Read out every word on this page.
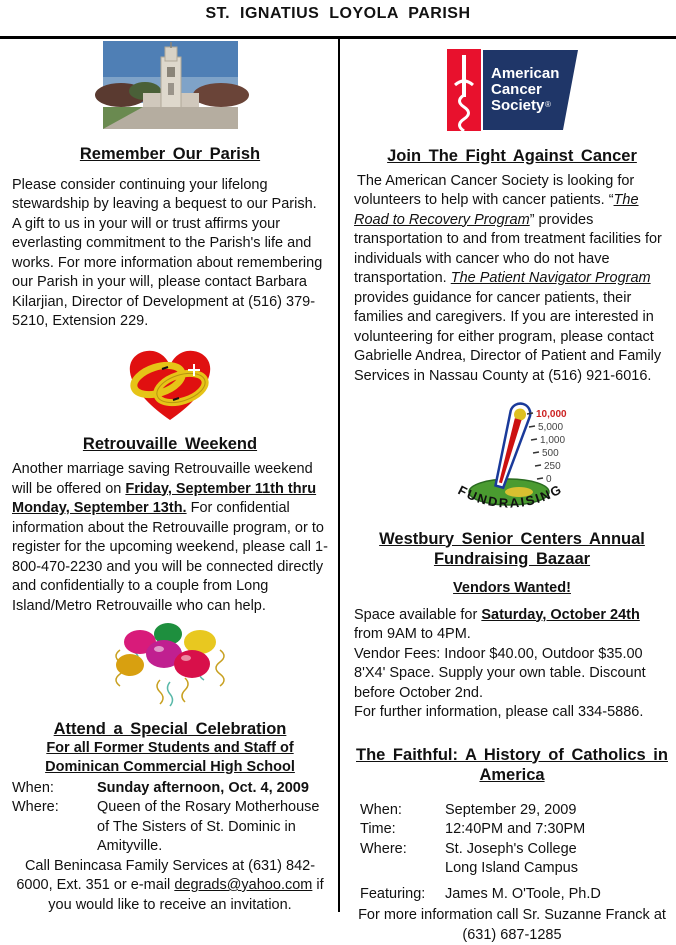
ST. IGNATIUS LOYOLA PARISH
Remember Our Parish

Please consider continuing your lifelong stewardship by leaving a bequest to our Parish. A gift to us in your will or trust affirms your everlasting commitment to the Parish's life and works. For more information about remembering our Parish in your will, please contact Barbara Kilarjian, Director of Development at (516) 379-5210, Extension 229.

Retrouvaille Weekend

Another marriage saving Retrouvaille weekend will be offered on Friday, September 11th thru Monday, September 13th. For confidential information about the Retrouvaille program, or to register for the upcoming weekend, please call 1-800-470-2230 and you will be connected directly and confidentially to a couple from Long Island/Metro Retrouvaille who can help.

Attend a Special Celebration
For all Former Students and Staff of Dominican Commercial High School
When:	Sunday afternoon, Oct. 4, 2009
Where:	Queen of the Rosary Motherhouse of The Sisters of St. Dominic in Amityville.

Call Benincasa Family Services at (631) 842-6000, Ext. 351 or e-mail degrads@yahoo.com if you would like to receive an invitation.

American
Cancer
Society ®
Join The Fight Against Cancer

The American Cancer Society is looking for volunteers to help with cancer patients. “The Road to Recovery Program” provides transportation to and from treatment facilities for individuals with cancer who do not have transportation. The Patient Navigator Program provides guidance for cancer patients, their families and caregivers. If you are interested in volunteering for either program, please contact Gabrielle Andrea, Director of Patient and Family Services in Nassau County at (516) 921-6016.

10,000
5,000
1,000
500
250
0
FUNDRAISING
Westbury Senior Centers Annual Fundraising Bazaar
Vendors Wanted!

Space available for Saturday, October 24th from 9AM to 4PM.

Vendor Fees: Indoor $40.00, Outdoor $35.00 8'X4' Space. Supply your own table. Discount before October 2nd.

For further information, please call 334-5886.

The Faithful: A History of Catholics in America
When:	September 29, 2009
Time:	12:40PM and 7:30PM
Where:	St. Joseph's College
Long Island Campus
Featuring:	James M. O'Toole, Ph.D

For more information call Sr. Suzanne Franck at (631) 687-1285
